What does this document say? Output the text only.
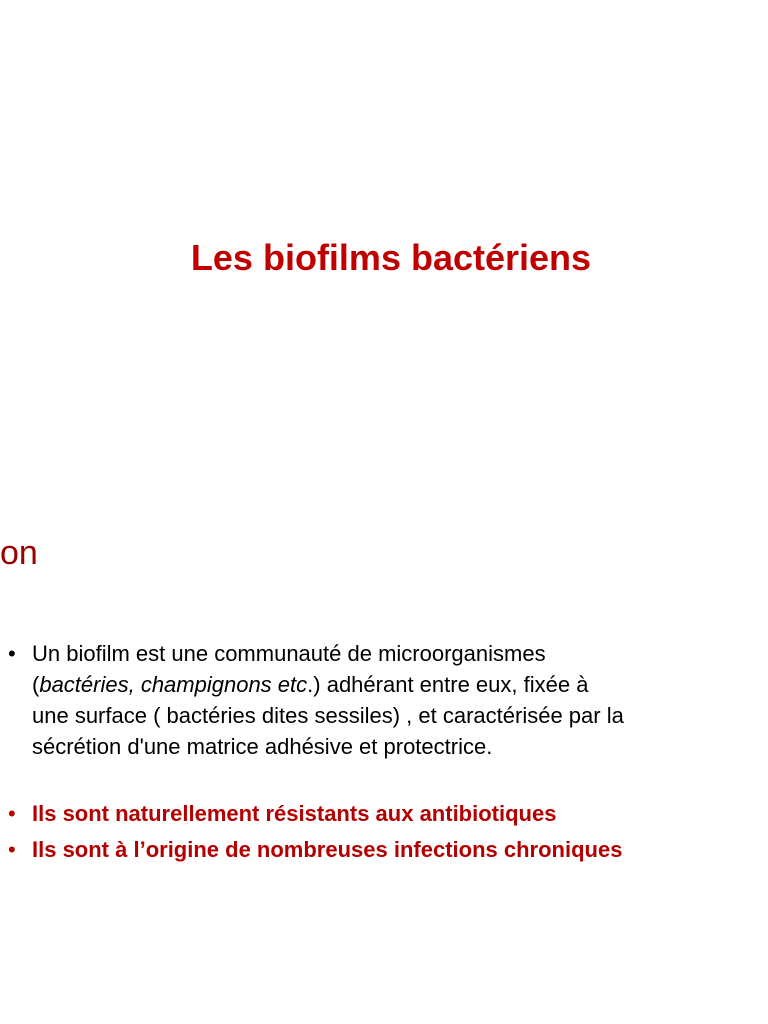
Les biofilms bactériens
on
• Un biofilm est une communauté de microorganismes
(bactéries, champignons etc.) adhérant entre eux, fixée à
une surface ( bactéries dites sessiles) , et caractérisée par la
sécrétion d'une matrice adhésive et protectrice.
• Ils sont naturellement résistants aux antibiotiques
• Ils sont à l’origine de nombreuses infections chroniques
